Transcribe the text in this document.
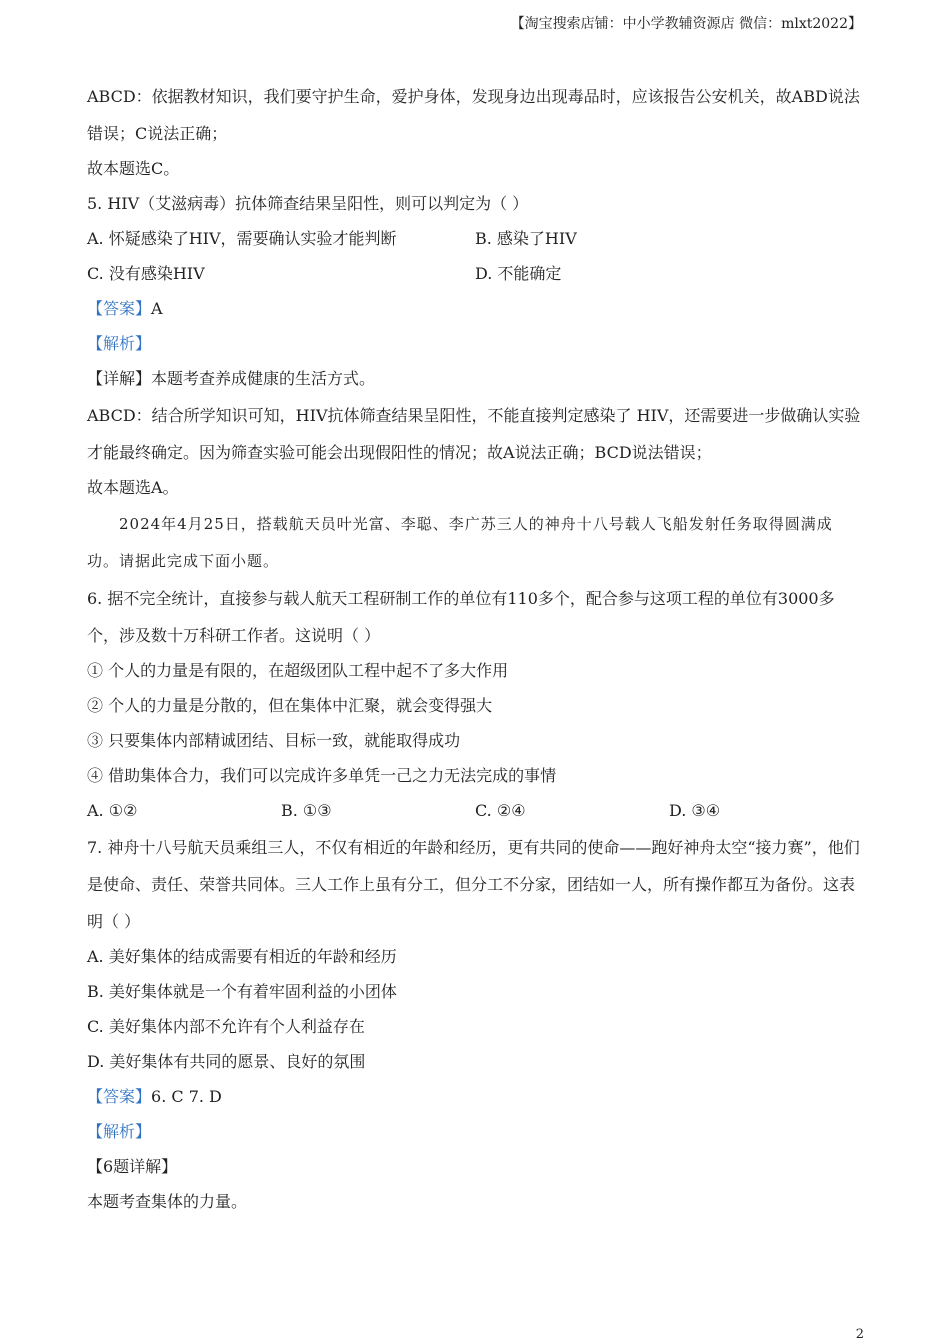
【淘宝搜索店铺：中小学教辅资源店 微信：mlxt2022】

ABCD：依据教材知识，我们要守护生命，爱护身体，发现身边出现毒品时，应该报告公安机关，故ABD说法错误；C说法正确；

故本题选C。

5. HIV（艾滋病毒）抗体筛查结果呈阳性，则可以判定为（ ）

A. 怀疑感染了HIV，需要确认实验才能判断	B. 感染了HIV
C. 没有感染HIV	D. 不能确定

【答案】A

【解析】

【详解】本题考查养成健康的生活方式。

ABCD：结合所学知识可知，HIV抗体筛查结果呈阳性，不能直接判定感染了 HIV，还需要进一步做确认实验才能最终确定。因为筛查实验可能会出现假阳性的情况；故A说法正确；BCD说法错误；

故本题选A。

2024年4月25日，搭载航天员叶光富、李聪、李广苏三人的神舟十八号载人飞船发射任务取得圆满成功。请据此完成下面小题。

6. 据不完全统计，直接参与载人航天工程研制工作的单位有110多个，配合参与这项工程的单位有3000多个，涉及数十万科研工作者。这说明（ ）

① 个人的力量是有限的，在超级团队工程中起不了多大作用

② 个人的力量是分散的，但在集体中汇聚，就会变得强大

③ 只要集体内部精诚团结、目标一致，就能取得成功

④ 借助集体合力，我们可以完成许多单凭一己之力无法完成的事情

A. ①②	B. ①③	C. ②④	D. ③④

7. 神舟十八号航天员乘组三人，不仅有相近的年龄和经历，更有共同的使命——跑好神舟太空“接力赛”，他们是使命、责任、荣誉共同体。三人工作上虽有分工，但分工不分家，团结如一人，所有操作都互为备份。这表明（ ）

A. 美好集体的结成需要有相近的年龄和经历

B. 美好集体就是一个有着牢固利益的小团体

C. 美好集体内部不允许有个人利益存在

D. 美好集体有共同的愿景、良好的氛围

【答案】6. C 7. D

【解析】

【6题详解】

本题考查集体的力量。

2
